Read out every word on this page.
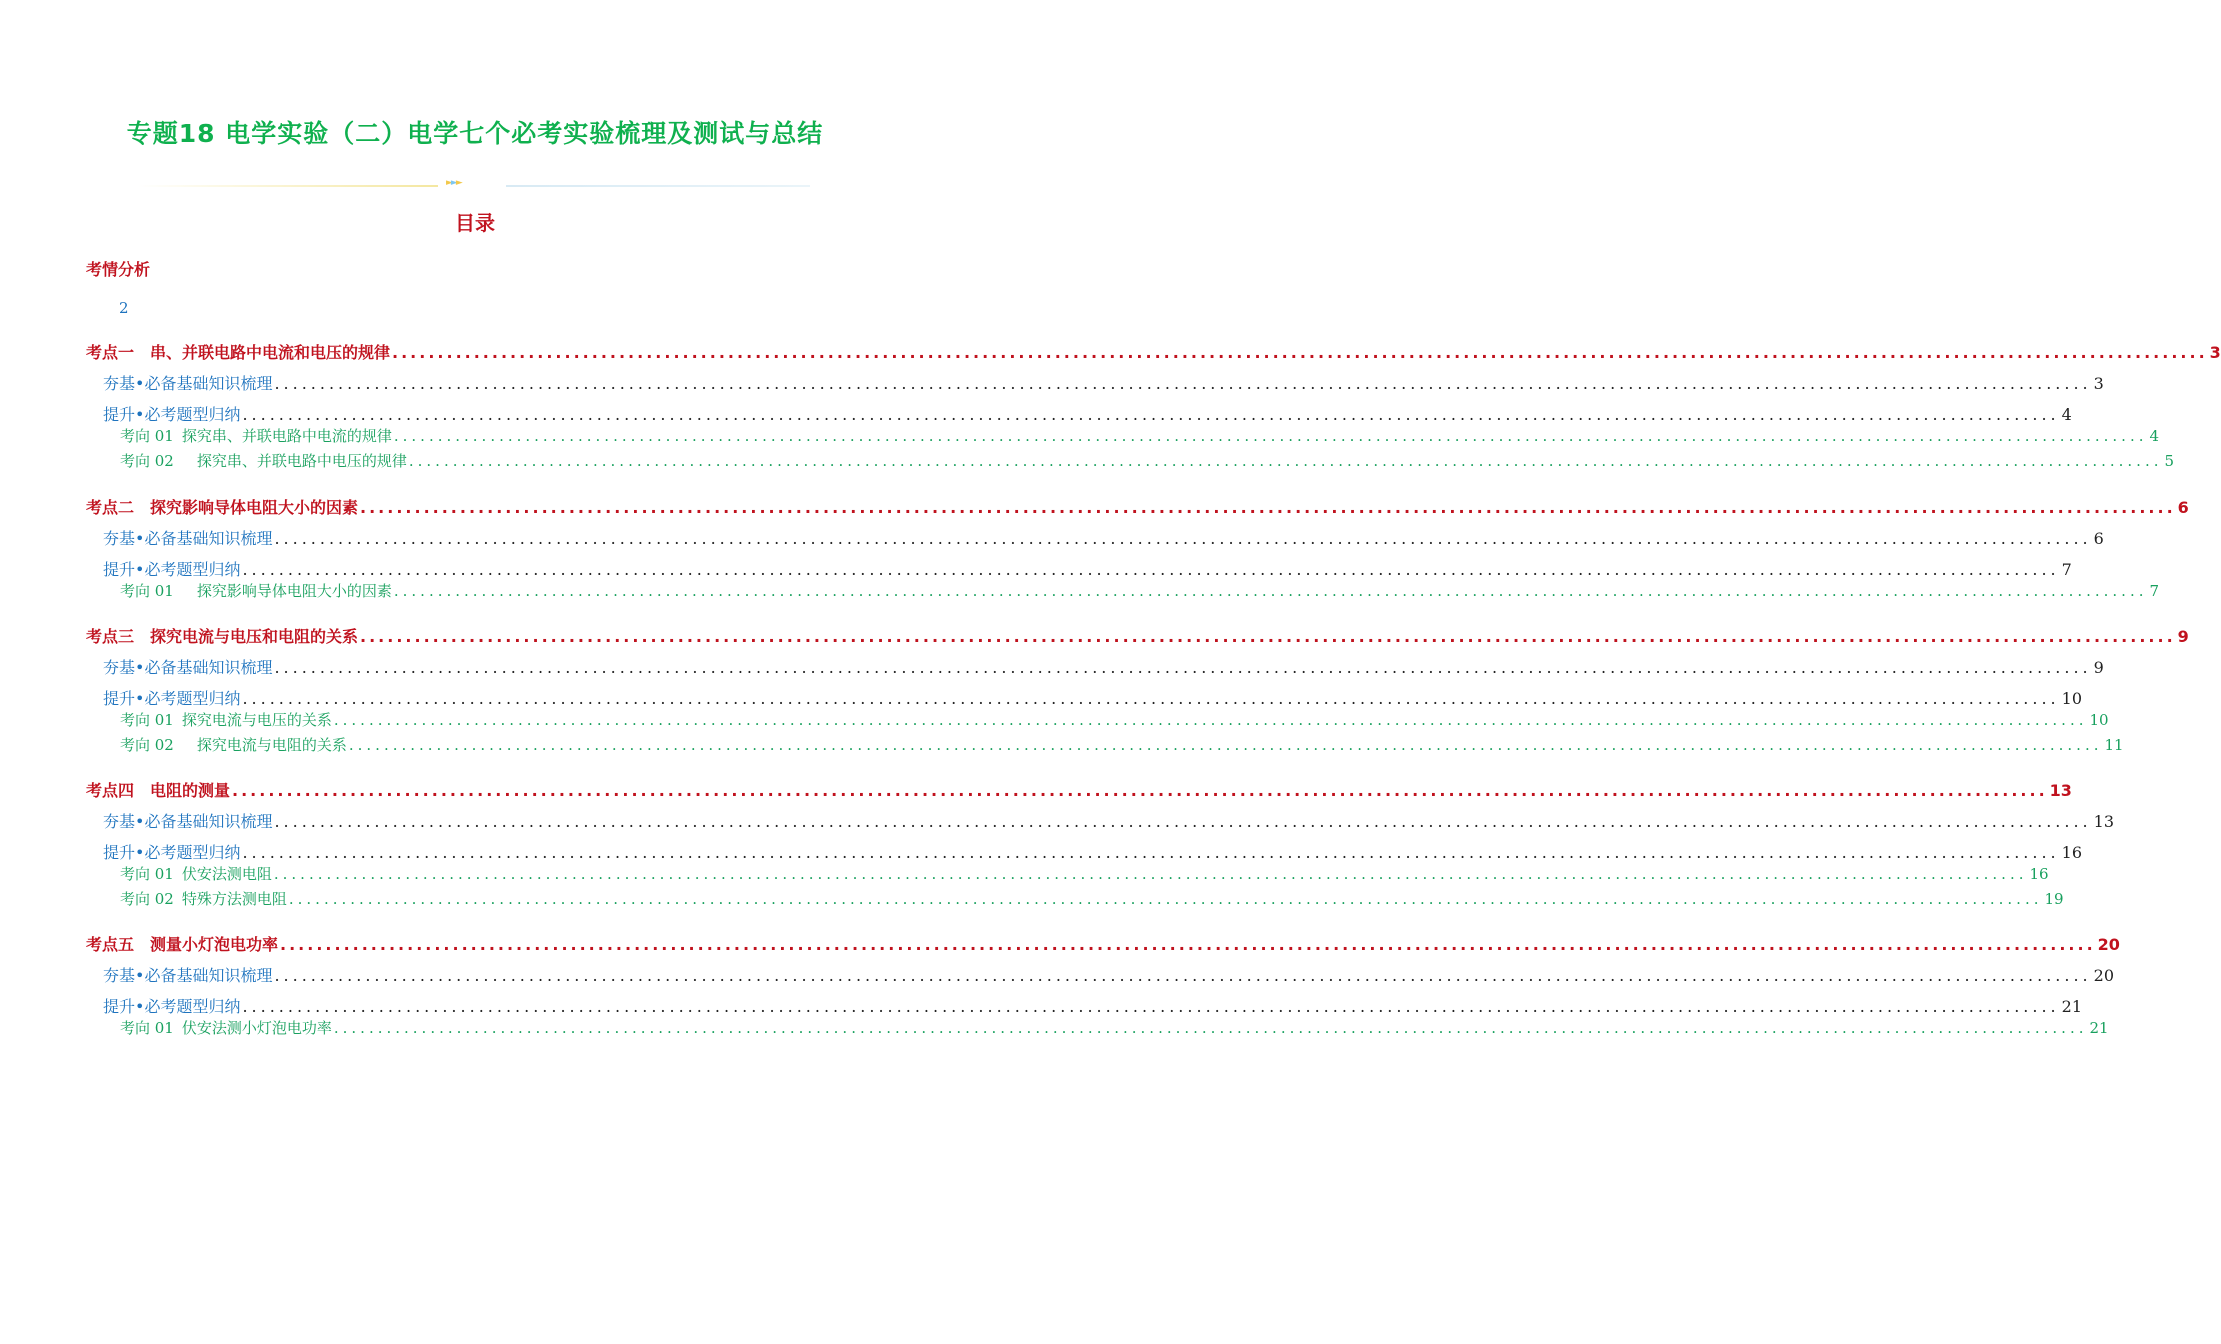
专题18 电学实验（二）电学七个必考实验梳理及测试与总结
►►►
目录
考情分析
2
考点一　串、并联电路中电流和电压的规律 ........................................................................................................................................................................................................ 3
夯基•必备基础知识梳理 ........................................................................................................................................................................................................ 3
提升•必考题型归纳 ........................................................................................................................................................................................................ 4
考向 01 探究串、并联电路中电流的规律 ........................................................................................................................................................................................................ 4
考向 02　探究串、并联电路中电压的规律 ........................................................................................................................................................................................................ 5
考点二　探究影响导体电阻大小的因素 ........................................................................................................................................................................................................ 6
夯基•必备基础知识梳理 ........................................................................................................................................................................................................ 6
提升•必考题型归纳 ........................................................................................................................................................................................................ 7
考向 01　探究影响导体电阻大小的因素 ........................................................................................................................................................................................................ 7
考点三　探究电流与电压和电阻的关系 ........................................................................................................................................................................................................ 9
夯基•必备基础知识梳理 ........................................................................................................................................................................................................ 9
提升•必考题型归纳 ........................................................................................................................................................................................................ 10
考向 01 探究电流与电压的关系 ........................................................................................................................................................................................................ 10
考向 02　探究电流与电阻的关系 ........................................................................................................................................................................................................ 11
考点四　电阻的测量 ........................................................................................................................................................................................................ 13
夯基•必备基础知识梳理 ........................................................................................................................................................................................................ 13
提升•必考题型归纳 ........................................................................................................................................................................................................ 16
考向 01 伏安法测电阻 ........................................................................................................................................................................................................ 16
考向 02 特殊方法测电阻 ........................................................................................................................................................................................................ 19
考点五　测量小灯泡电功率 ........................................................................................................................................................................................................ 20
夯基•必备基础知识梳理 ........................................................................................................................................................................................................ 20
提升•必考题型归纳 ........................................................................................................................................................................................................ 21
考向 01 伏安法测小灯泡电功率 ........................................................................................................................................................................................................ 21
